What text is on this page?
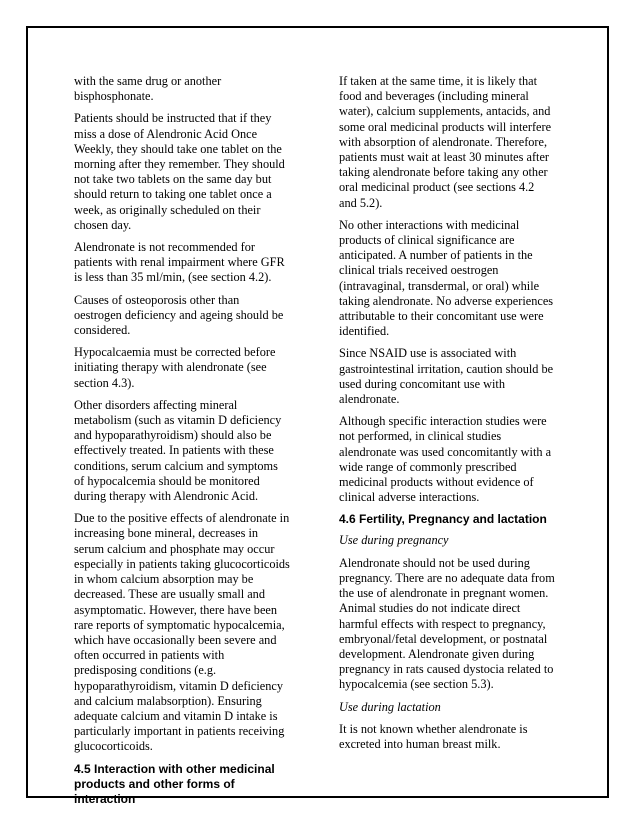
with the same drug or another bisphosphonate.

Patients should be instructed that if they miss a dose of Alendronic Acid Once Weekly, they should take one tablet on the morning after they remember. They should not take two tablets on the same day but should return to taking one tablet once a week, as originally scheduled on their chosen day.

Alendronate is not recommended for patients with renal impairment where GFR is less than 35 ml/min, (see section 4.2).

Causes of osteoporosis other than oestrogen deficiency and ageing should be considered.

Hypocalcaemia must be corrected before initiating therapy with alendronate (see section 4.3).

Other disorders affecting mineral metabolism (such as vitamin D deficiency and hypoparathyroidism) should also be effectively treated. In patients with these conditions, serum calcium and symptoms of hypocalcemia should be monitored during therapy with Alendronic Acid.

Due to the positive effects of alendronate in increasing bone mineral, decreases in serum calcium and phosphate may occur especially in patients taking glucocorticoids in whom calcium absorption may be decreased. These are usually small and asymptomatic. However, there have been rare reports of symptomatic hypocalcemia, which have occasionally been severe and often occurred in patients with predisposing conditions (e.g. hypoparathyroidism, vitamin D deficiency and calcium malabsorption). Ensuring adequate calcium and vitamin D intake is particularly important in patients receiving glucocorticoids.

4.5 Interaction with other medicinal products and other forms of interaction

If taken at the same time, it is likely that food and beverages (including mineral water), calcium supplements, antacids, and some oral medicinal products will interfere with absorption of alendronate. Therefore, patients must wait at least 30 minutes after taking alendronate before taking any other oral medicinal product (see sections 4.2 and 5.2).

No other interactions with medicinal products of clinical significance are anticipated. A number of patients in the clinical trials received oestrogen (intravaginal, transdermal, or oral) while taking alendronate. No adverse experiences attributable to their concomitant use were identified.

Since NSAID use is associated with gastrointestinal irritation, caution should be used during concomitant use with alendronate.

Although specific interaction studies were not performed, in clinical studies alendronate was used concomitantly with a wide range of commonly prescribed medicinal products without evidence of clinical adverse interactions.

4.6 Fertility, Pregnancy and lactation
Use during pregnancy

Alendronate should not be used during pregnancy. There are no adequate data from the use of alendronate in pregnant women. Animal studies do not indicate direct harmful effects with respect to pregnancy, embryonal/fetal development, or postnatal development. Alendronate given during pregnancy in rats caused dystocia related to hypocalcemia (see section 5.3).

Use during lactation

It is not known whether alendronate is excreted into human breast milk.
